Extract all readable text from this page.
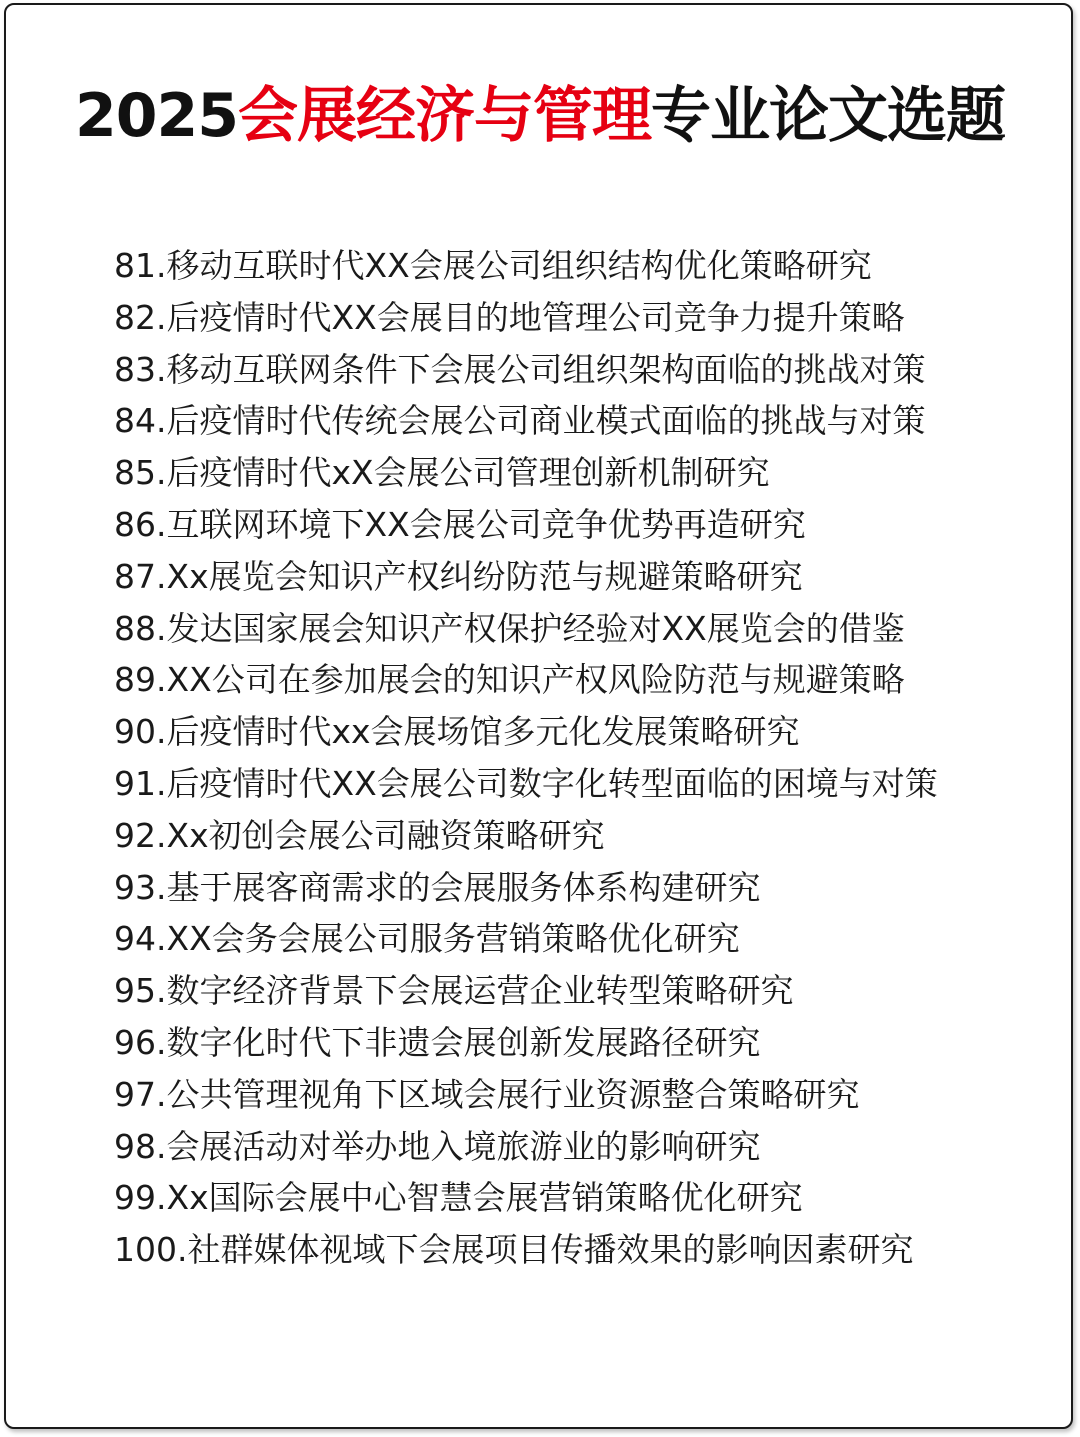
2025会展经济与管理专业论文选题
81.移动互联时代XX会展公司组织结构优化策略研究
82.后疫情时代XX会展目的地管理公司竞争力提升策略
83.移动互联网条件下会展公司组织架构面临的挑战对策
84.后疫情时代传统会展公司商业模式面临的挑战与对策
85.后疫情时代xX会展公司管理创新机制研究
86.互联网环境下XX会展公司竞争优势再造研究
87.Xx展览会知识产权纠纷防范与规避策略研究
88.发达国家展会知识产权保护经验对XX展览会的借鉴
89.XX公司在参加展会的知识产权风险防范与规避策略
90.后疫情时代xx会展场馆多元化发展策略研究
91.后疫情时代XX会展公司数字化转型面临的困境与对策
92.Xx初创会展公司融资策略研究
93.基于展客商需求的会展服务体系构建研究
94.XX会务会展公司服务营销策略优化研究
95.数字经济背景下会展运营企业转型策略研究
96.数字化时代下非遗会展创新发展路径研究
97.公共管理视角下区域会展行业资源整合策略研究
98.会展活动对举办地入境旅游业的影响研究
99.Xx国际会展中心智慧会展营销策略优化研究
100.社群媒体视域下会展项目传播效果的影响因素研究
